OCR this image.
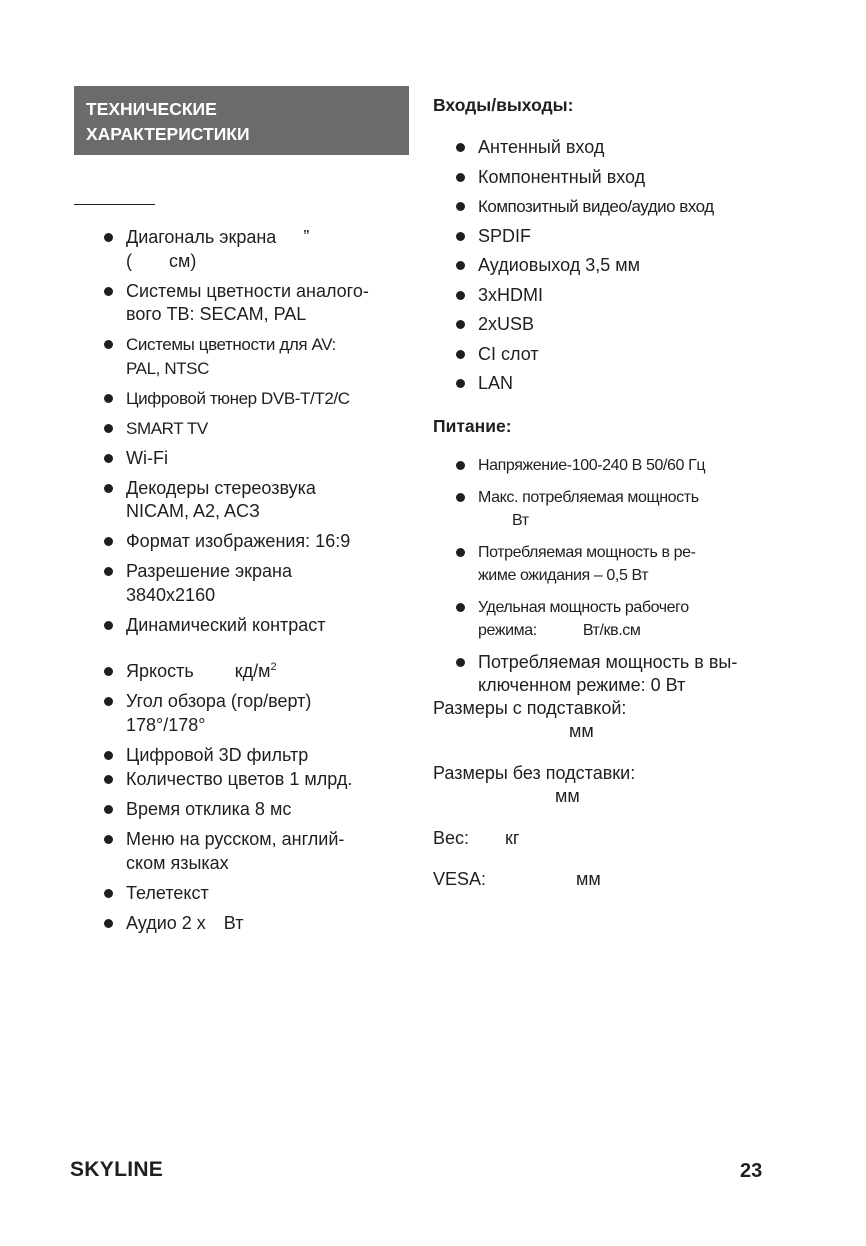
ТЕХНИЧЕСКИЕ
ХАРАКТЕРИСТИКИ
Диагональ экрана ”
( см)
Системы цветности аналого-
вого ТВ: SECAM, PAL
Системы цветности для AV:
PAL, NTSC
Цифровой тюнер DVB-T/T2/C
SMART TV
Wi-Fi
Декодеры стереозвука
NICAM, A2, ACЗ
Формат изображения: 16:9
Разрешение экрана
3840x2160
Динамический контраст
Яркость $кд/м^2$
Угол обзора (гор/верт)
178°/178°
Цифровой 3D фильтр
Количество цветов 1 млрд.
Время отклика 8 мс
Меню на русском, англий-
ском языках
Телетекст
Аудио 2 х Вт
Входы/выходы:
Антенный вход
Компонентный вход
Композитный видео/аудио вход
SPDIF
Аудиовыход 3,5 мм
3xHDMI
2xUSB
CI слот
LAN
Питание:
Напряжение-100-240 В 50/60 Гц
Макс. потребляемая мощность
Вт
Потребляемая мощность в ре-
жиме ожидания – 0,5 Вт
Удельная мощность рабочего
режима:	Вт/кв.см
Потребляемая мощность в вы-
ключенном режиме: 0 Вт
Размеры с подставкой:
мм
Размеры без подставки:
мм
Вес: кг
VESA:	мм
SKYLINE	23
